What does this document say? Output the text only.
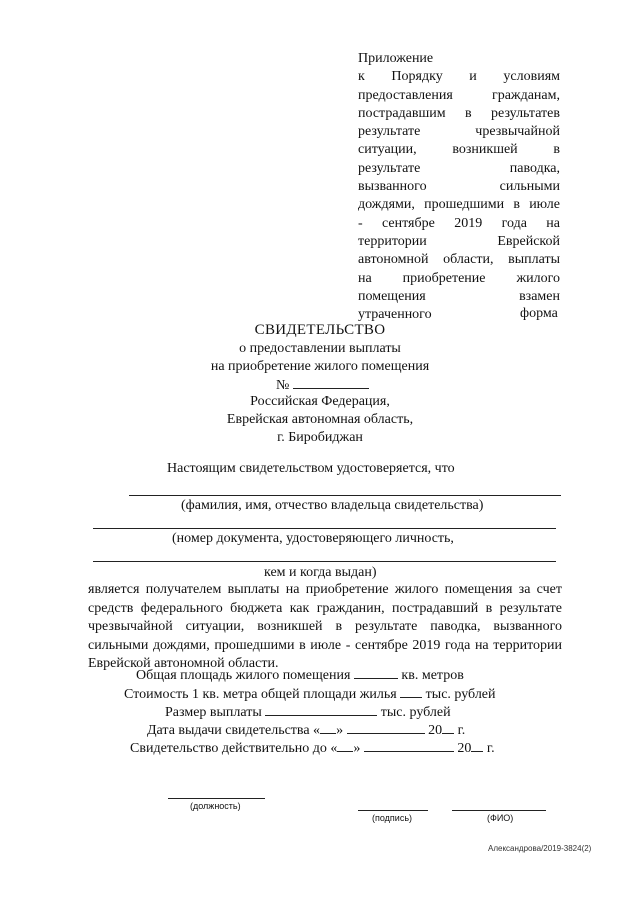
Приложение
к Порядку и условиям
предоставления гражданам,
пострадавшим в результатев
результате чрезвычайной
ситуации, возникшей в
результате паводка,
вызванного сильными
дождями, прошедшими в июле
- сентябре 2019 года на
территории Еврейской
автономной области, выплаты
на приобретение жилого
помещения взамен
утраченного	форма
СВИДЕТЕЛЬСТВО
о предоставлении выплаты
на приобретение жилого помещения
№
Российская Федерация,
Еврейская автономная область,
г. Биробиджан
Настоящим свидетельством удостоверяется, что
(фамилия, имя, отчество владельца свидетельства)
(номер документа, удостоверяющего личность,
кем и когда выдан)
является получателем выплаты на приобретение жилого помещения за счет средств федерального бюджета как гражданин, пострадавший в результате чрезвычайной ситуации, возникшей в результате паводка, вызванного сильными дождями, прошедшими в июле - сентябре 2019 года на территории Еврейской автономной области.
Общая площадь жилого помещения	кв. метров
Стоимость 1 кв. метра общей площади жилья тыс. рублей
Размер выплаты	тыс. рублей
Дата выдачи свидетельства « »	20 г.
Свидетельство действительно до « »	20 г.
(должность)
(подпись)	(ФИО)
Александрова/2019-3824(2)
